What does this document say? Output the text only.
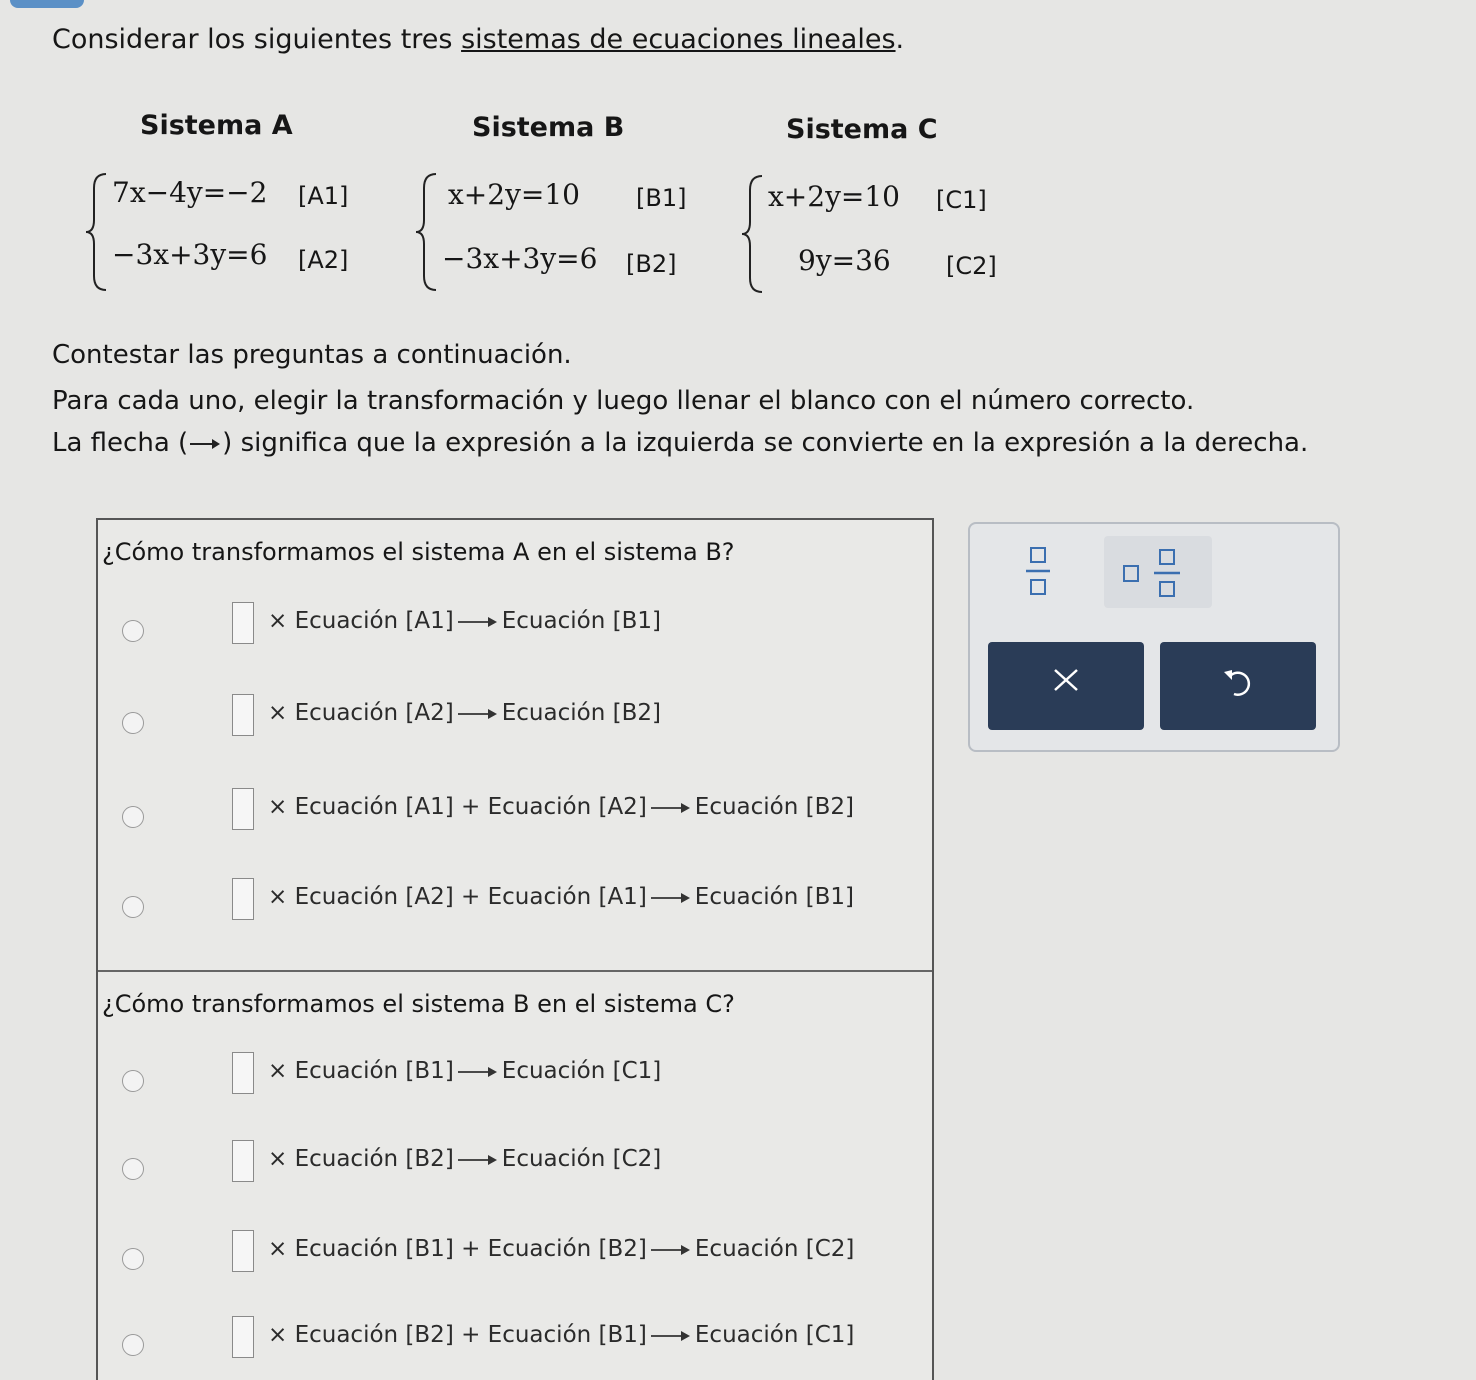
Considerar los siguientes tres sistemas de ecuaciones lineales.
Sistema A
7x−4y=−2 [A1]
−3x+3y=6 [A2]
Sistema B
x+2y=10 [B1]
−3x+3y=6 [B2]
Sistema C
x+2y=10 [C1]
9y=36 [C2]
Contestar las preguntas a continuación.
Para cada uno, elegir la transformación y luego llenar el blanco con el número correcto.
La flecha ( ) significa que la expresión a la izquierda se convierte en la expresión a la derecha.
¿Cómo transformamos el sistema A en el sistema B?
× Ecuación [A1] Ecuación [B1]
× Ecuación [A2] Ecuación [B2]
× Ecuación [A1] + Ecuación [A2] Ecuación [B2]
× Ecuación [A2] + Ecuación [A1] Ecuación [B1]
¿Cómo transformamos el sistema B en el sistema C?
× Ecuación [B1] Ecuación [C1]
× Ecuación [B2] Ecuación [C2]
× Ecuación [B1] + Ecuación [B2] Ecuación [C2]
× Ecuación [B2] + Ecuación [B1] Ecuación [C1]
